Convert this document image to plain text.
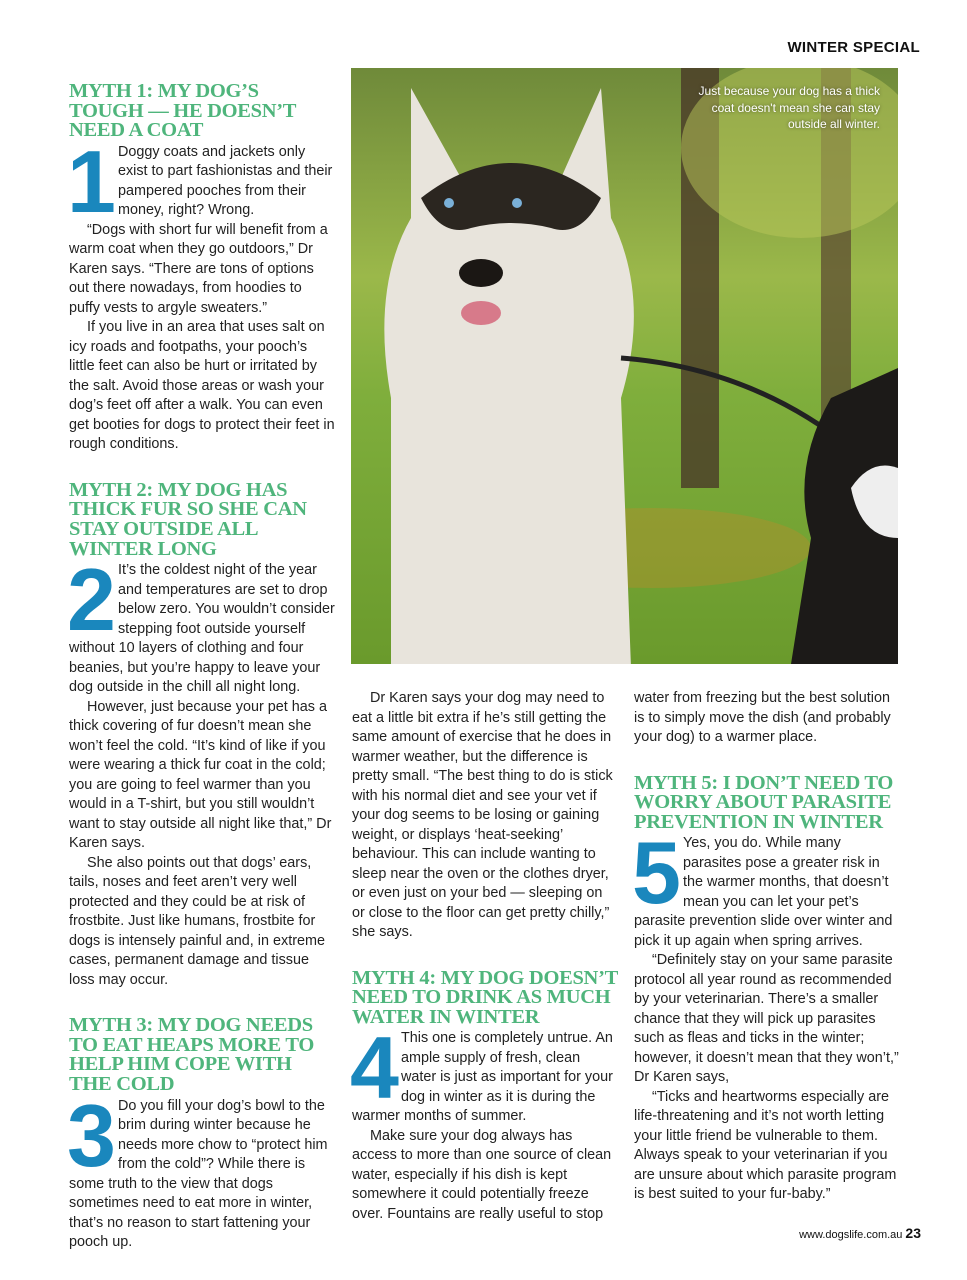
WINTER SPECIAL
MYTH 1: MY DOG’S TOUGH — HE DOESN’T NEED A COAT
1 Doggy coats and jackets only exist to part fashionistas and their pampered pooches from their money, right? Wrong.

“Dogs with short fur will benefit from a warm coat when they go outdoors,” Dr Karen says. “There are tons of options out there nowadays, from hoodies to puffy vests to argyle sweaters.”

If you live in an area that uses salt on icy roads and footpaths, your pooch’s little feet can also be hurt or irritated by the salt. Avoid those areas or wash your dog’s feet off after a walk. You can even get booties for dogs to protect their feet in rough conditions.

MYTH 2: MY DOG HAS THICK FUR SO SHE CAN STAY OUTSIDE ALL WINTER LONG
2 It’s the coldest night of the year and temperatures are set to drop below zero. You wouldn’t consider stepping foot outside yourself without 10 layers of clothing and four beanies, but you’re happy to leave your dog outside in the chill all night long.

However, just because your pet has a thick covering of fur doesn’t mean she won’t feel the cold. “It’s kind of like if you were wearing a thick fur coat in the cold; you are going to feel warmer than you would in a T-shirt, but you still wouldn’t want to stay outside all night like that,” Dr Karen says.

She also points out that dogs’ ears, tails, noses and feet aren’t very well protected and they could be at risk of frostbite. Just like humans, frostbite for dogs is intensely painful and, in extreme cases, permanent damage and tissue loss may occur.

MYTH 3: MY DOG NEEDS TO EAT HEAPS MORE TO HELP HIM COPE WITH THE COLD
3 Do you fill your dog’s bowl to the brim during winter because he needs more chow to “protect him from the cold”? While there is some truth to the view that dogs sometimes need to eat more in winter, that’s no reason to start fattening your pooch up.

Just because your dog has a thick coat doesn't mean she can stay outside all winter.

Dr Karen says your dog may need to eat a little bit extra if he’s still getting the same amount of exercise that he does in warmer weather, but the difference is pretty small. “The best thing to do is stick with his normal diet and see your vet if your dog seems to be losing or gaining weight, or displays ‘heat-seeking’ behaviour. This can include wanting to sleep near the oven or the clothes dryer, or even just on your bed — sleeping on or close to the floor can get pretty chilly,” she says.

MYTH 4: MY DOG DOESN’T NEED TO DRINK AS MUCH WATER IN WINTER
4 This one is completely untrue. An ample supply of fresh, clean water is just as important for your dog in winter as it is during the warmer months of summer.

Make sure your dog always has access to more than one source of clean water, especially if his dish is kept somewhere it could potentially freeze over. Fountains are really useful to stop

water from freezing but the best solution is to simply move the dish (and probably your dog) to a warmer place.

MYTH 5: I DON’T NEED TO WORRY ABOUT PARASITE PREVENTION IN WINTER
5 Yes, you do. While many parasites pose a greater risk in the warmer months, that doesn’t mean you can let your pet’s parasite prevention slide over winter and pick it up again when spring arrives.

“Definitely stay on your same parasite protocol all year round as recommended by your veterinarian. There’s a smaller chance that they will pick up parasites such as fleas and ticks in the winter; however, it doesn’t mean that they won’t,” Dr Karen says,

“Ticks and heartworms especially are life-threatening and it’s not worth letting your little friend be vulnerable to them. Always speak to your veterinarian if you are unsure about which parasite program is best suited to your fur-baby.”

www.dogslife.com.au 23
